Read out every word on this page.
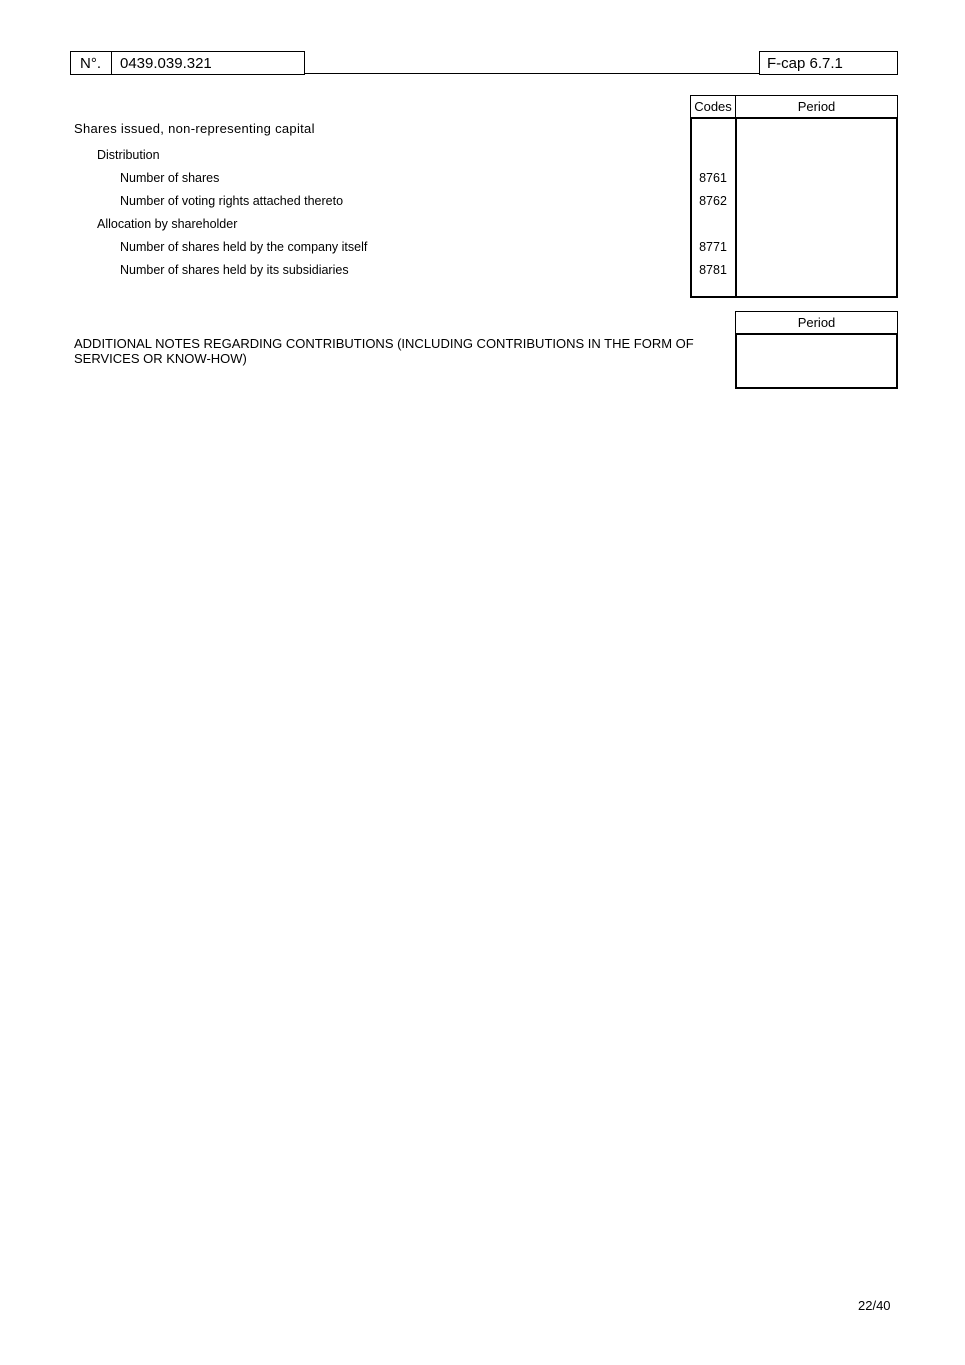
N°. 0439.039.321	F-cap 6.7.1
Codes	Period
Shares issued, non-representing capital
Distribution
Number of shares	8761
Number of voting rights attached thereto	8762
Allocation by shareholder
Number of shares held by the company itself	8771
Number of shares held by its subsidiaries	8781
Period
ADDITIONAL NOTES REGARDING CONTRIBUTIONS (INCLUDING CONTRIBUTIONS IN THE FORM OF
SERVICES OR KNOW-HOW)
22/40
